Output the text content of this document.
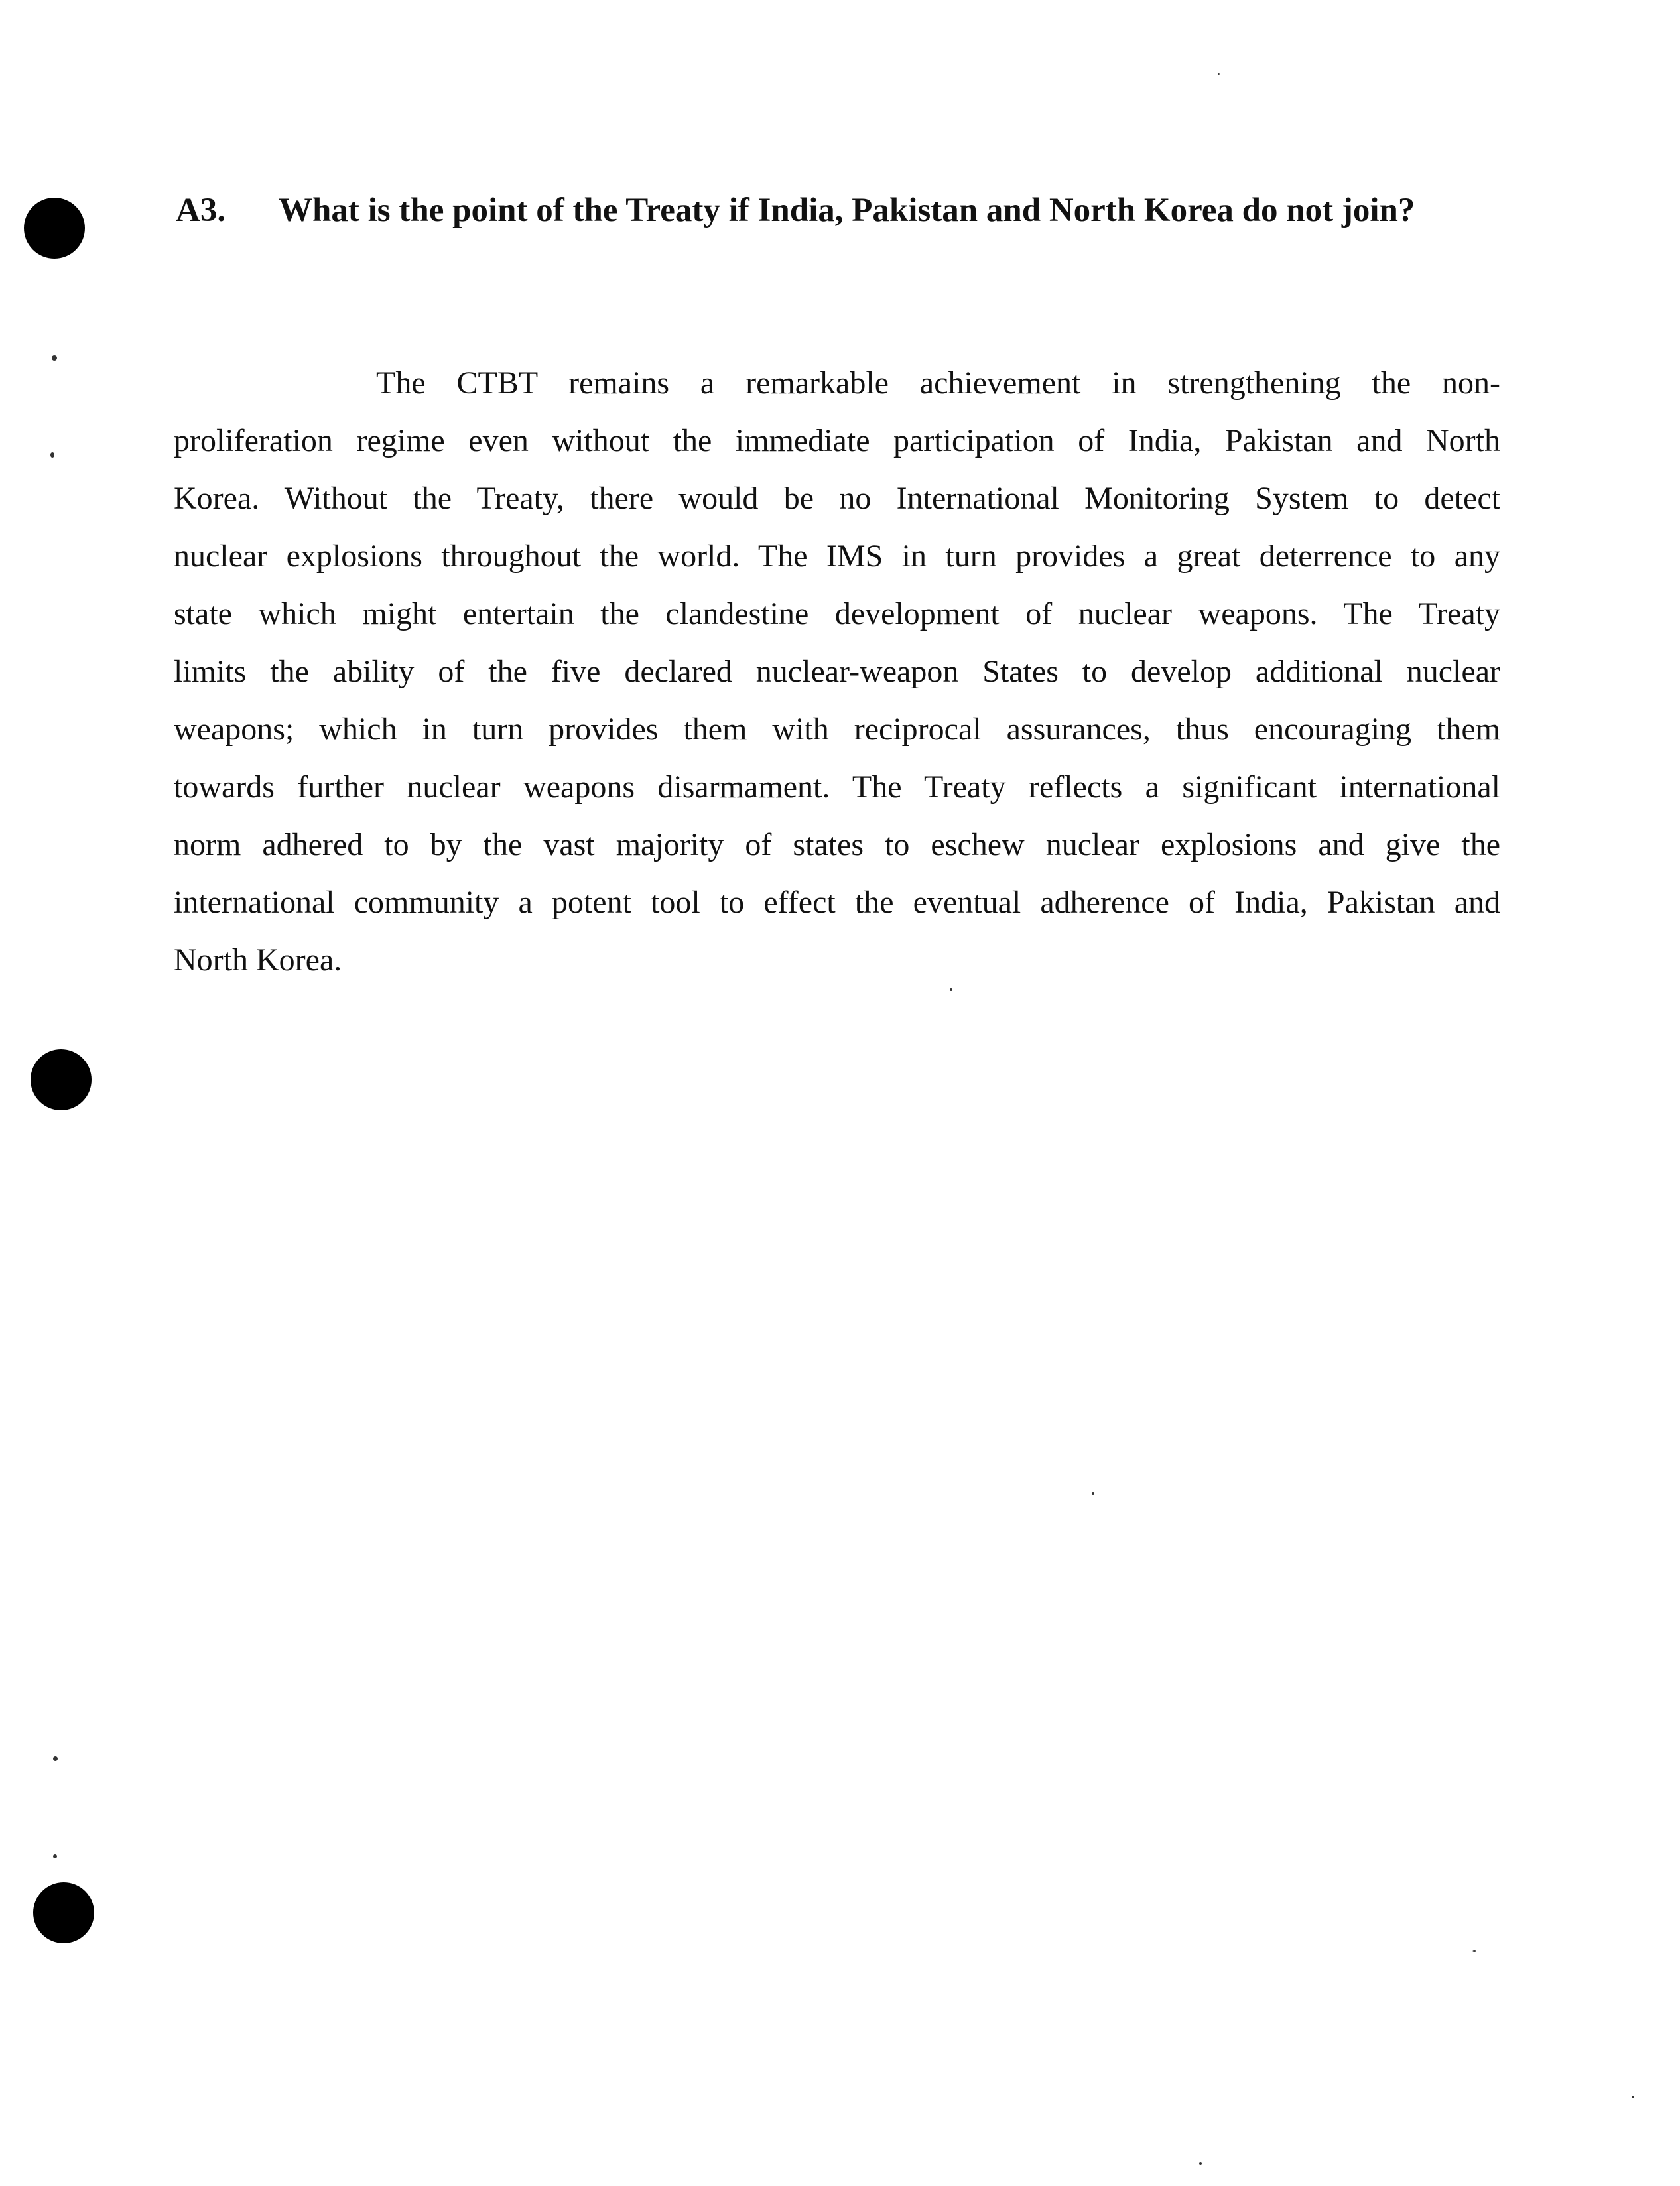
A3. What is the point of the Treaty if India, Pakistan and North Korea do not join?

The CTBT remains a remarkable achievement in strengthening the non-
proliferation regime even without the immediate participation of India, Pakistan and North
Korea. Without the Treaty, there would be no International Monitoring System to detect
nuclear explosions throughout the world. The IMS in turn provides a great deterrence to any
state which might entertain the clandestine development of nuclear weapons. The Treaty
limits the ability of the five declared nuclear-weapon States to develop additional nuclear
weapons; which in turn provides them with reciprocal assurances, thus encouraging them
towards further nuclear weapons disarmament. The Treaty reflects a significant international
norm adhered to by the vast majority of states to eschew nuclear explosions and give the
international community a potent tool to effect the eventual adherence of India, Pakistan and
North Korea.
